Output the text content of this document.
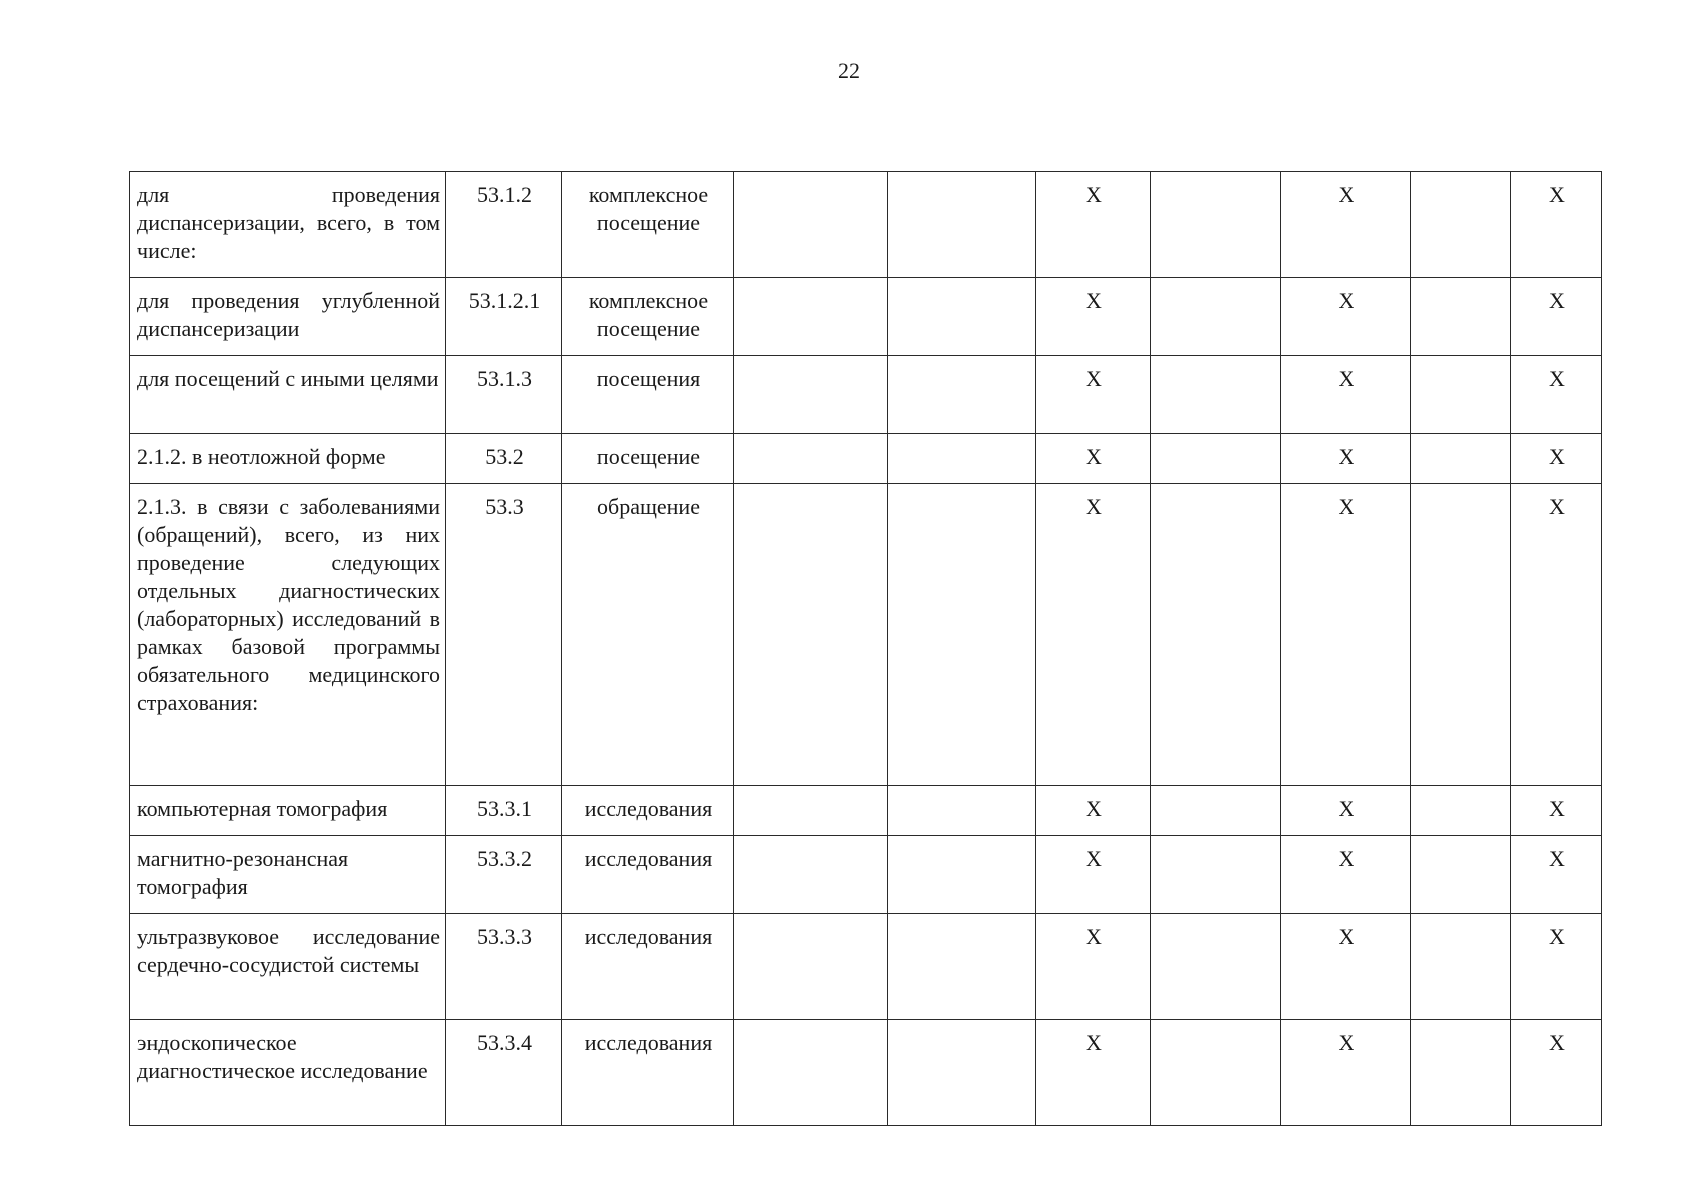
22
для проведения диспансеризации, всего, в том числе:	53.1.2	комплексное посещение			X		X		X
для проведения углубленной диспансеризации	53.1.2.1	комплексное посещение			X		X		X
для посещений с иными целями	53.1.3	посещения			X		X		X
2.1.2. в неотложной форме	53.2	посещение			X		X		X
2.1.3. в связи с заболеваниями (обращений), всего, из них проведение следующих отдельных диагностических (лабораторных) исследований в рамках базовой программы обязательного медицинского страхования:	53.3	обращение			X		X		X
компьютерная томография	53.3.1	исследования			X		X		X
магнитно-резонансная томография	53.3.2	исследования			X		X		X
ультразвуковое исследование сердечно-сосудистой системы	53.3.3	исследования			X		X		X
эндоскопическое диагностическое исследование	53.3.4	исследования			X		X		X
